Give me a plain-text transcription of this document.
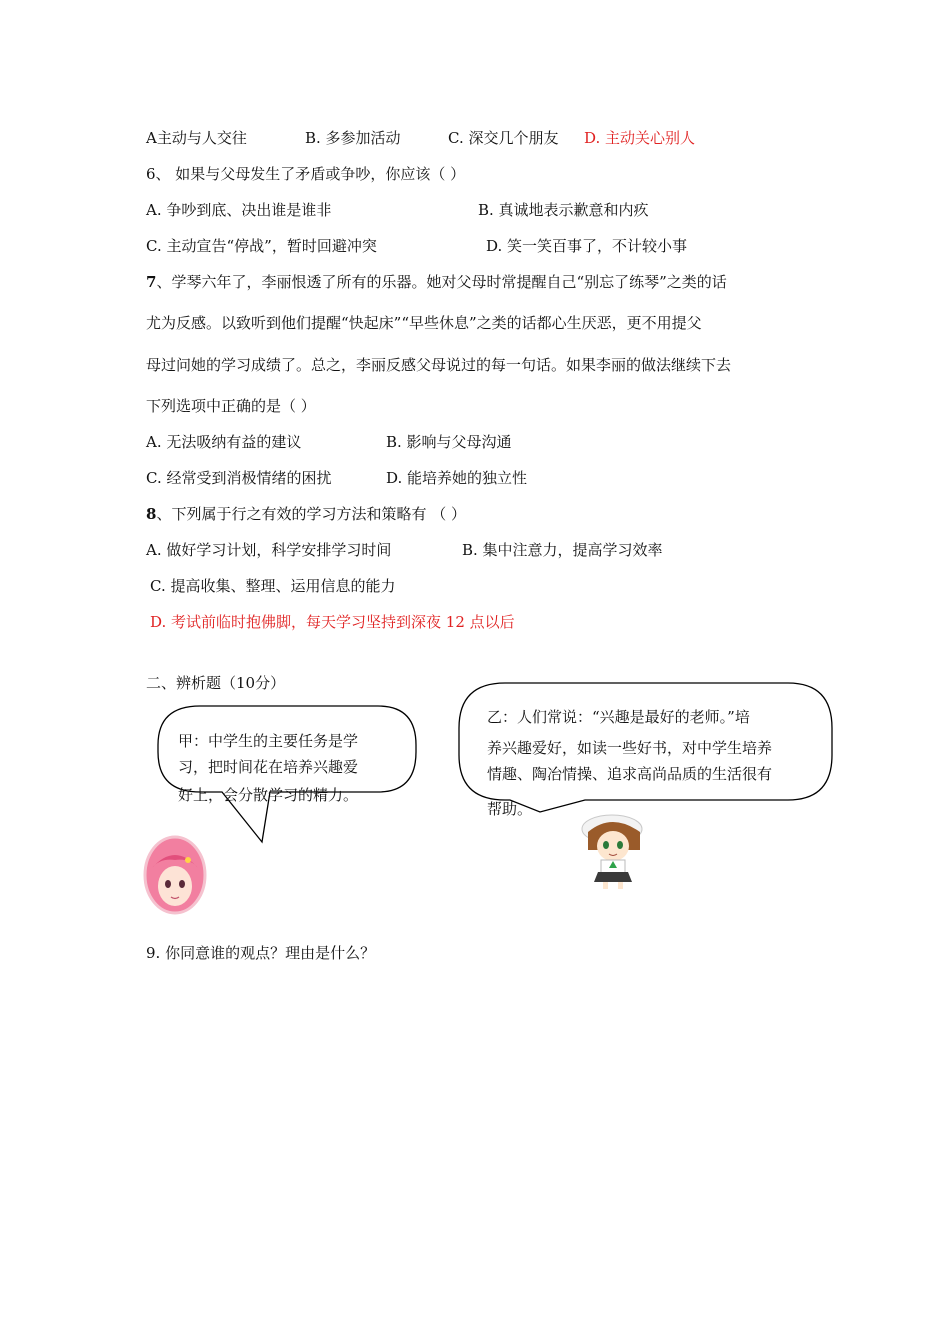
A主动与人交往	B. 多参加活动	C. 深交几个朋友 D. 主动关心别人
6、 如果与父母发生了矛盾或争吵，你应该（ ）
A. 争吵到底、决出谁是谁非	B. 真诚地表示歉意和内疚
C. 主动宣告“停战”，暂时回避冲突	D. 笑一笑百事了，不计较小事
7、学琴六年了，李丽恨透了所有的乐器。她对父母时常提醒自己“别忘了练琴”之类的话
尤为反感。以致听到他们提醒“快起床”“早些休息”之类的话都心生厌恶，更不用提父
母过问她的学习成绩了。总之，李丽反感父母说过的每一句话。如果李丽的做法继续下去
下列选项中正确的是（ ）
A. 无法吸纳有益的建议	B. 影响与父母沟通
C. 经常受到消极情绪的困扰	D. 能培养她的独立性
8、下列属于行之有效的学习方法和策略有 （ ）
A. 做好学习计划，科学安排学习时间	B. 集中注意力，提高学习效率
C. 提高收集、整理、运用信息的能力
D. 考试前临时抱佛脚，每天学习坚持到深夜 12 点以后
二、辨析题（10分）
甲：中学生的主要任务是学
习，把时间花在培养兴趣爱
好上，会分散学习的精力。
乙：人们常说：“兴趣是最好的老师。”培
养兴趣爱好，如读一些好书，对中学生培养
情趣、陶冶情操、追求高尚品质的生活很有
帮助。
9. 你同意谁的观点？理由是什么？
